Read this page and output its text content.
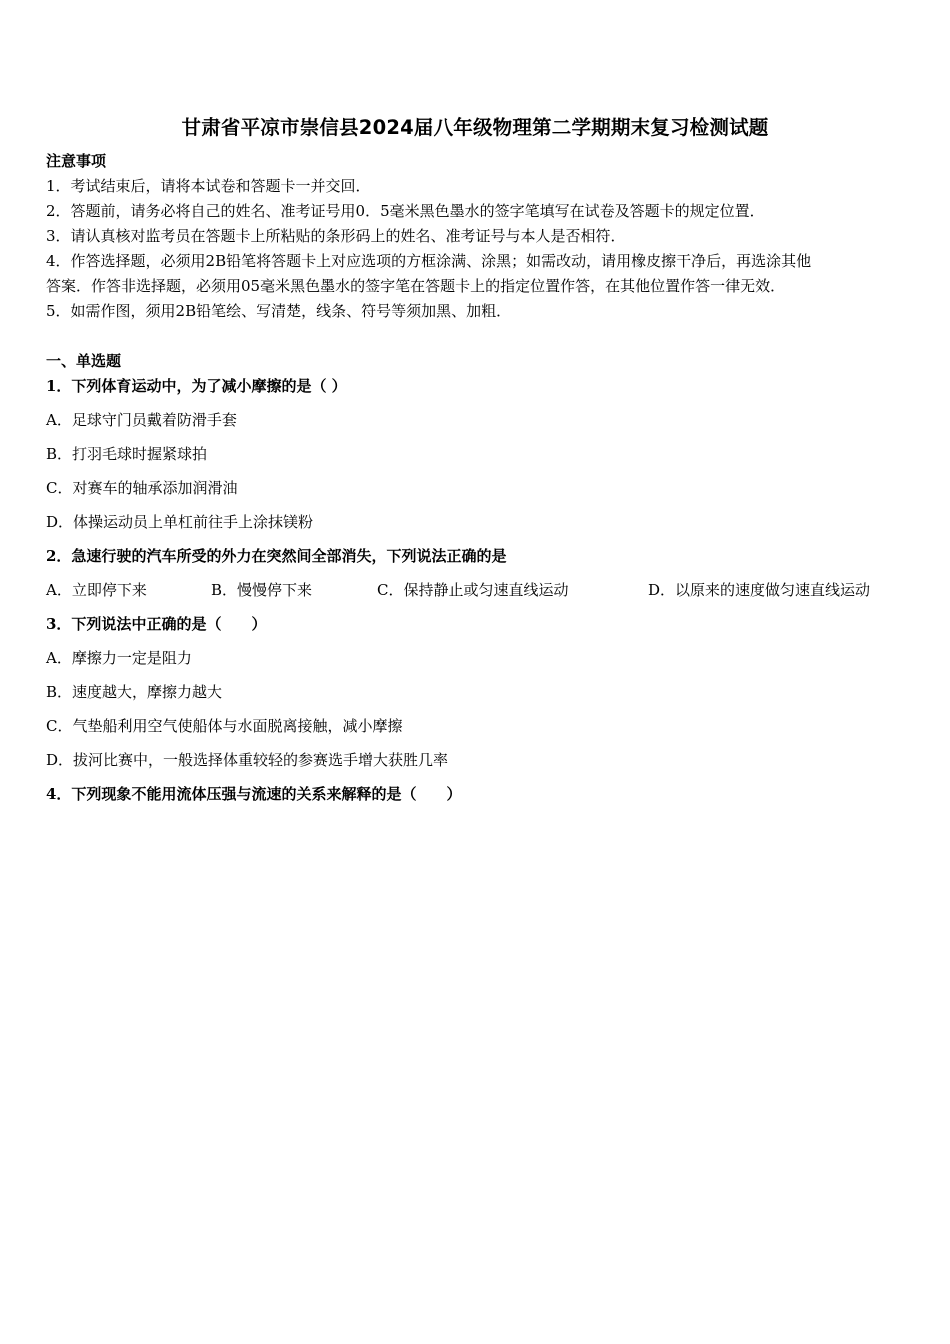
甘肃省平凉市崇信县2024届八年级物理第二学期期末复习检测试题
注意事项
1．考试结束后，请将本试卷和答题卡一并交回．
2．答题前，请务必将自己的姓名、准考证号用0．5毫米黑色墨水的签字笔填写在试卷及答题卡的规定位置．
3．请认真核对监考员在答题卡上所粘贴的条形码上的姓名、准考证号与本人是否相符．
4．作答选择题，必须用2B铅笔将答题卡上对应选项的方框涂满、涂黑；如需改动，请用橡皮擦干净后，再选涂其他
答案．作答非选择题，必须用05毫米黑色墨水的签字笔在答题卡上的指定位置作答，在其他位置作答一律无效．
5．如需作图，须用2B铅笔绘、写清楚，线条、符号等须加黑、加粗．
一、单选题
1．下列体育运动中，为了减小摩擦的是（ ）
A．足球守门员戴着防滑手套
B．打羽毛球时握紧球拍
C．对赛车的轴承添加润滑油
D．体操运动员上单杠前往手上涂抹镁粉
2．急速行驶的汽车所受的外力在突然间全部消失，下列说法正确的是
A．立即停下来	B．慢慢停下来	C．保持静止或匀速直线运动	D．以原来的速度做匀速直线运动
3．下列说法中正确的是（　　）
A．摩擦力一定是阻力
B．速度越大，摩擦力越大
C．气垫船利用空气使船体与水面脱离接触，减小摩擦
D．拔河比赛中，一般选择体重较轻的参赛选手增大获胜几率
4．下列现象不能用流体压强与流速的关系来解释的是（　　）
